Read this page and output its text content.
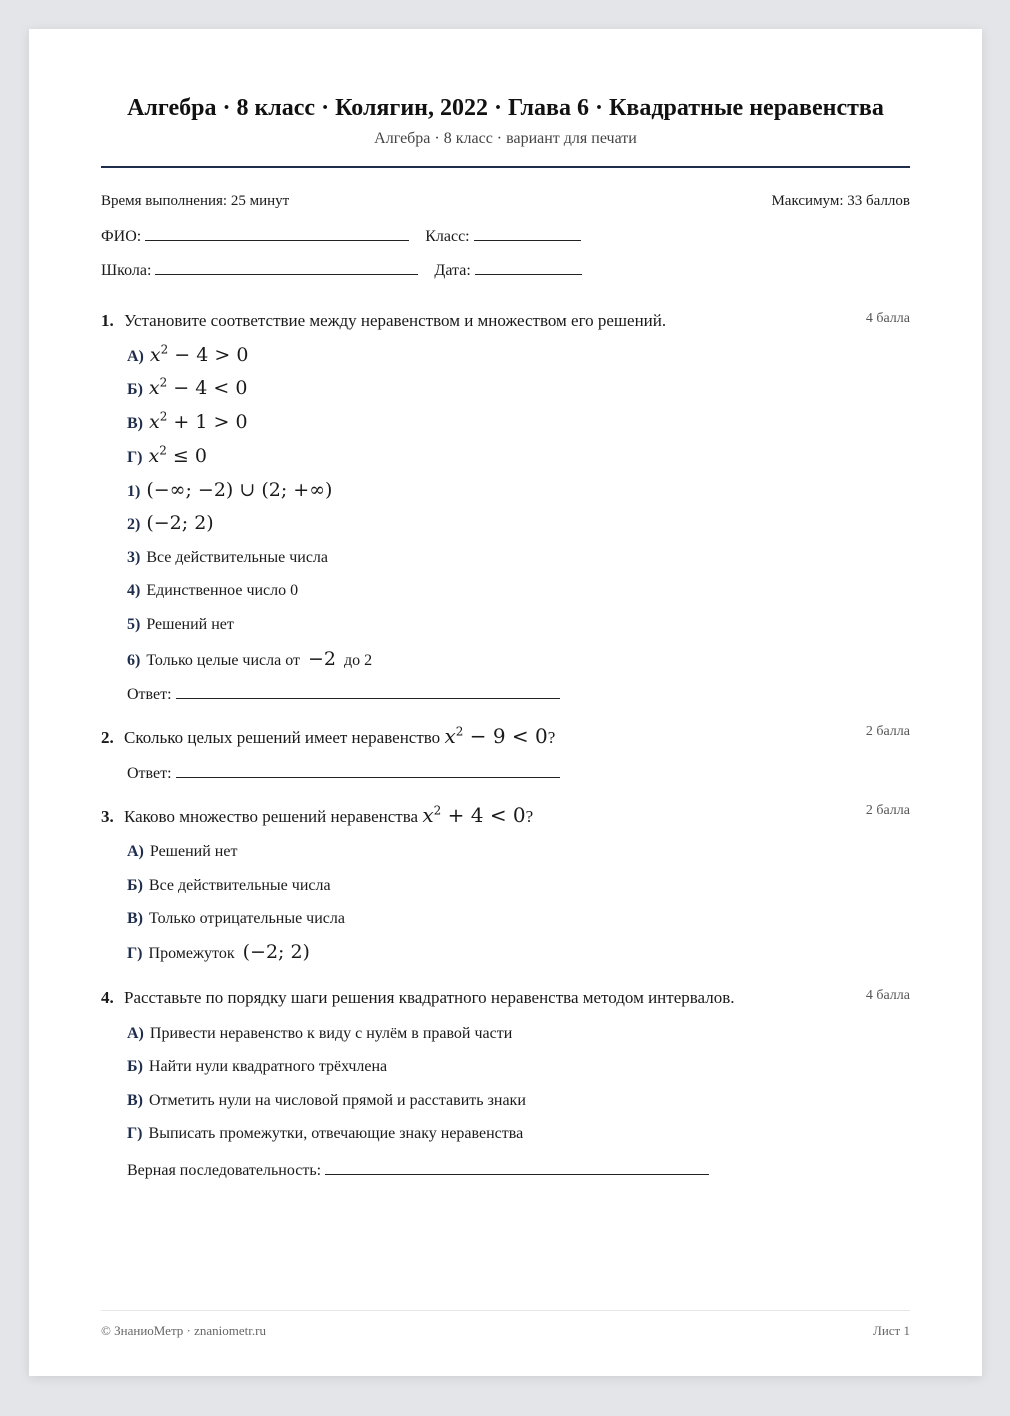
Алгебра · 8 класс · Колягин, 2022 · Глава 6 · Квадратные неравенства
Алгебра · 8 класс · вариант для печати
Время выполнения: 25 минут	Максимум: 33 баллов
ФИО:	Класс:
Школа:	Дата:
1. Установите соответствие между неравенством и множеством его решений.	4 балла
А) $x^2 - 4 > 0$
Б) $x^2 - 4 < 0$
В) $x^2 + 1 > 0$
Г) $x^2 \le 0$
1) (−∞; −2) ∪ (2; +∞)
2) (−2; 2)
3) Все действительные числа
4) Единственное число 0
5) Решений нет
6) Только целые числа от −2 до 2
Ответ:
2. Сколько целых решений имеет неравенство $x^2 - 9 < 0$?	2 балла
Ответ:
3. Каково множество решений неравенства $x^2 + 4 < 0$?	2 балла
А) Решений нет
Б) Все действительные числа
В) Только отрицательные числа
Г) Промежуток (−2; 2)
4. Расставьте по порядку шаги решения квадратного неравенства методом интервалов.	4 балла
А) Привести неравенство к виду с нулём в правой части
Б) Найти нули квадратного трёхчлена
В) Отметить нули на числовой прямой и расставить знаки
Г) Выписать промежутки, отвечающие знаку неравенства
Верная последовательность:
© ЗнаниоМетр · znaniometr.ru	Лист 1
